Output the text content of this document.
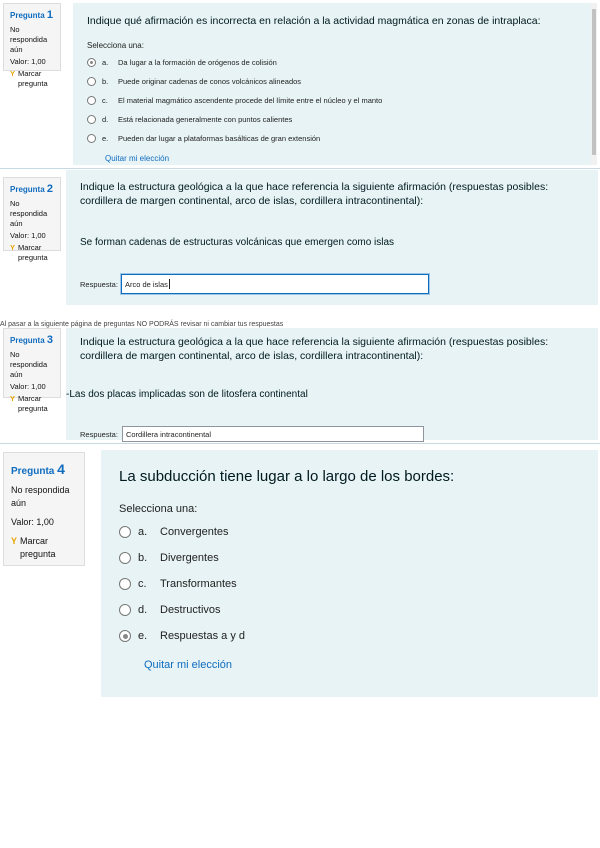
Pregunta 1
No respondida aún
Valor: 1,00
Y Marcar pregunta
Indique qué afirmación es incorrecta en relación a la actividad magmática en zonas de intraplaca:
Selecciona una:
a.	Da lugar a la formación de orógenos de colisión
b.	Puede originar cadenas de conos volcánicos alineados
c.	El material magmático ascendente procede del límite entre el núcleo y el manto
d.	Está relacionada generalmente con puntos calientes
e.	Pueden dar lugar a plataformas basálticas de gran extensión
Quitar mi elección
Pregunta 2
No respondida aún
Valor: 1,00
Y Marcar pregunta
Indique la estructura geológica a la que hace referencia la siguiente afirmación (respuestas posibles: cordillera de margen continental, arco de islas, cordillera intracontinental):
Se forman cadenas de estructuras volcánicas que emergen como islas
Respuesta: Arco de islas
Al pasar a la siguiente página de preguntas NO PODRÁS revisar ni cambiar tus respuestas
Pregunta 3
No respondida aún
Valor: 1,00
Y Marcar pregunta
Indique la estructura geológica a la que hace referencia la siguiente afirmación (respuestas posibles: cordillera de margen continental, arco de islas, cordillera intracontinental):
-Las dos placas implicadas son de litosfera continental
Respuesta: Cordillera intracontinental
Pregunta 4
No respondida aún
Valor: 1,00
Y Marcar pregunta
La subducción tiene lugar a lo largo de los bordes:
Selecciona una:
a.	Convergentes
b.	Divergentes
c.	Transformantes
d.	Destructivos
e.	Respuestas a y d
Quitar mi elección
